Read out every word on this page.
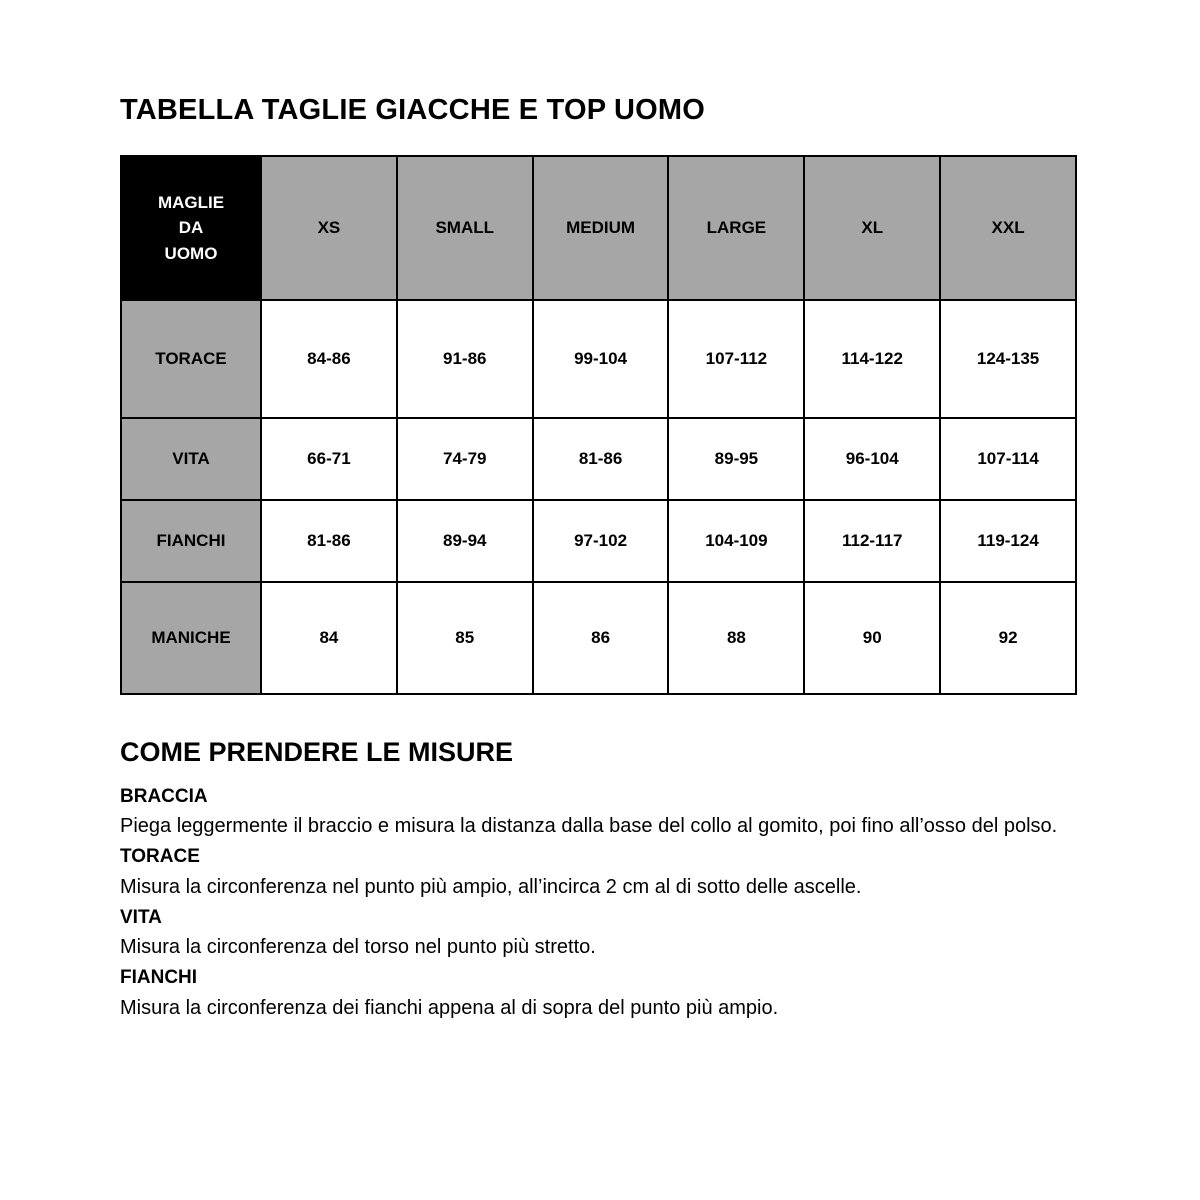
TABELLA TAGLIE GIACCHE E TOP UOMO
MAGLIE
DA
UOMO	XS	SMALL	MEDIUM	LARGE	XL	XXL
TORACE	84-86	91-86	99-104	107-112	114-122	124-135
VITA	66-71	74-79	81-86	89-95	96-104	107-114
FIANCHI	81-86	89-94	97-102	104-109	112-117	119-124
MANICHE	84	85	86	88	90	92
COME PRENDERE LE MISURE

BRACCIA

Piega leggermente il braccio e misura la distanza dalla base del collo al gomito, poi fino all’osso del polso.

TORACE

Misura la circonferenza nel punto più ampio, all’incirca 2 cm al di sotto delle ascelle.

VITA

Misura la circonferenza del torso nel punto più stretto.

FIANCHI

Misura la circonferenza dei fianchi appena al di sopra del punto più ampio.
